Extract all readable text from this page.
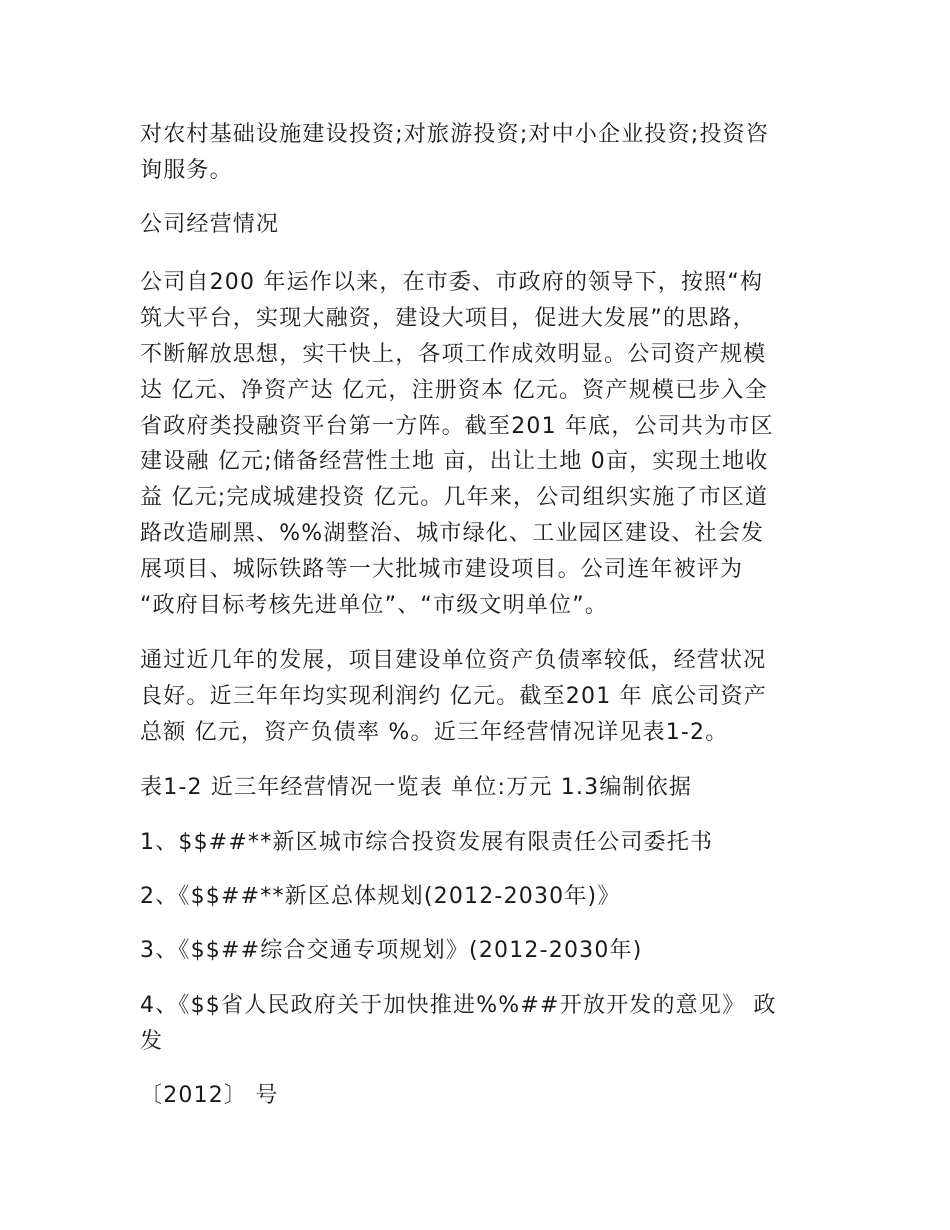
对农村基础设施建设投资;对旅游投资;对中小企业投资;投资咨
询服务。
公司经营情况
公司自200 年运作以来，在市委、市政府的领导下，按照“构
筑大平台，实现大融资，建设大项目，促进大发展”的思路，
不断解放思想，实干快上，各项工作成效明显。公司资产规模
达 亿元、净资产达 亿元，注册资本 亿元。资产规模已步入全
省政府类投融资平台第一方阵。截至201 年底，公司共为市区
建设融 亿元;储备经营性土地 亩，出让土地 0亩，实现土地收
益 亿元;完成城建投资 亿元。几年来，公司组织实施了市区道
路改造刷黑、%%湖整治、城市绿化、工业园区建设、社会发
展项目、城际铁路等一大批城市建设项目。公司连年被评为
“政府目标考核先进单位”、“市级文明单位”。
通过近几年的发展，项目建设单位资产负债率较低，经营状况
良好。近三年年均实现利润约 亿元。截至201 年 底公司资产
总额 亿元，资产负债率 %。近三年经营情况详见表1-2。
表1-2 近三年经营情况一览表 单位:万元 1.3编制依据
1、$$##**新区城市综合投资发展有限责任公司委托书
2、《$$##**新区总体规划(2012-2030年)》
3、《$$##综合交通专项规划》(2012-2030年)
4、《$$省人民政府关于加快推进%%##开放开发的意见》 政
发
〔2012〕 号
